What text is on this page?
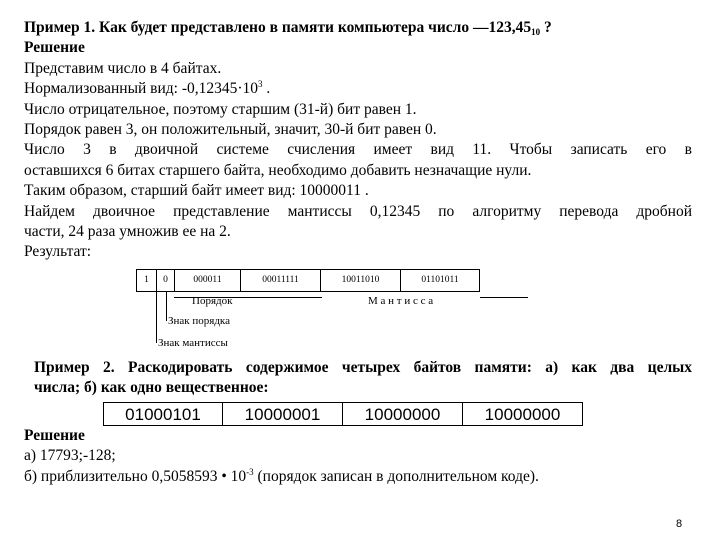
Пример 1. Как будет представлено в памяти компьютера число $—123,45_{10}$ ?
Решение
Представим число в 4 байтах.
Нормализованный вид: $-0,12345\cdot 10^3$ .
Число отрицательное, поэтому старшим (31-й) бит равен 1.
Порядок равен 3, он положительный, значит, 30-й бит равен 0.
Число 3 в двоичной системе счисления имеет вид 11. Чтобы записать его в
оставшихся 6 битах старшего байта, необходимо добавить незначащие нули.
Таким образом, старший байт имеет вид: 10000011 .
Найдем двоичное представление мантиссы 0,12345 по алгоритму перевода дробной
части, 24 раза умножив ее на 2.
Результат:
1	0	000011	00011111	10011010	01101011
Порядок	М а н т и с с а
Знак порядка
Знак мантиссы
Пример 2. Раскодировать содержимое четырех байтов памяти: а) как два целых
числа; б) как одно вещественное:
01000101	10000001	10000000	10000000
Решение
а) 17793;-128;
б) приблизительно 0,5058593 • $10^{-3}$ (порядок записан в дополнительном коде).
8
